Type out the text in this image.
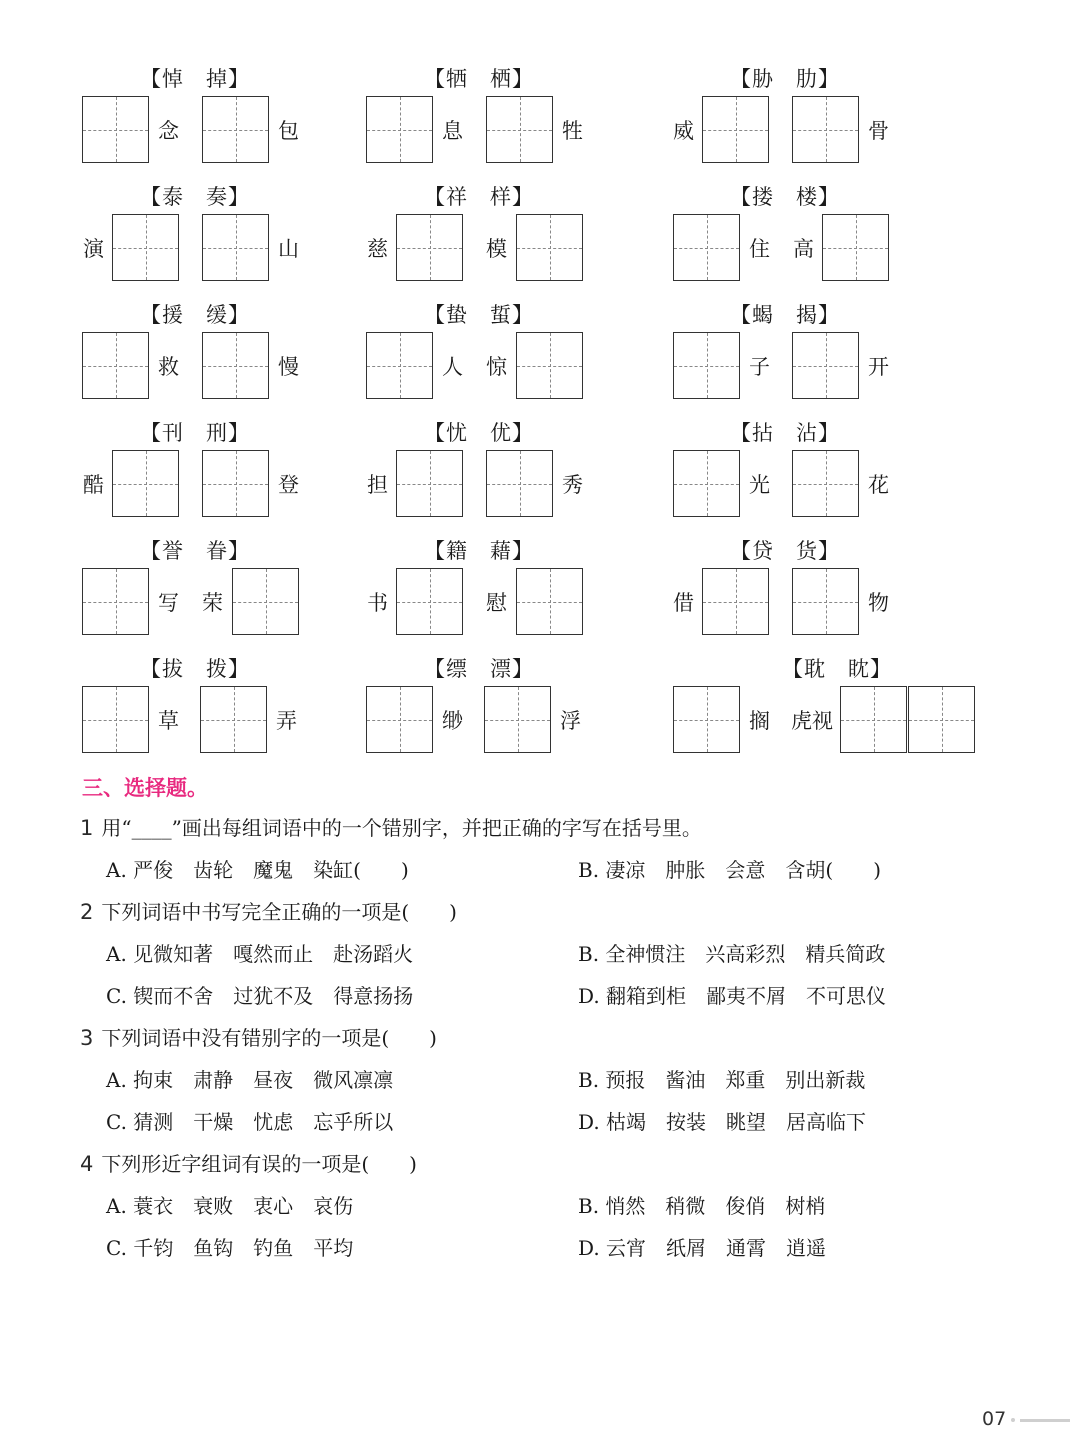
【悼　掉】
念	包
【牺　栖】
息	牲
【胁　肋】
威	骨
【泰　奏】
演	山
【祥　样】
慈	模
【搂　楼】
住 高
【援　缓】
救	慢
【蛰　蜇】
人 惊
【蝎　揭】
子	开
【刊　刑】
酷	登
【忧　优】
担	秀
【拈　沾】
光	花
【誉　眷】
写 荣
【籍　藉】
书	慰
【贷　货】
借	物
【拔　拨】
草	弄
【缥　漂】
缈	浮
【耽　眈】
搁 虎视
三、选择题。
1 用“____”画出每组词语中的一个错别字，并把正确的字写在括号里。
A. 严俊　齿轮　魔鬼　染缸(　　)	B. 凄凉　肿胀　会意　含胡(　　)
2 下列词语中书写完全正确的一项是(　　)
A. 见微知著　嘎然而止　赴汤蹈火	B. 全神惯注　兴高彩烈　精兵简政
C. 锲而不舍　过犹不及　得意扬扬	D. 翻箱到柜　鄙夷不屑　不可思仪
3 下列词语中没有错别字的一项是(　　)
A. 拘束　肃静　昼夜　微风凛凛	B. 预报　酱油　郑重　别出新裁
C. 猜测　干燥　忧虑　忘乎所以	D. 枯竭　按装　眺望　居高临下
4 下列形近字组词有误的一项是(　　)
A. 蓑衣　衰败　衷心　哀伤	B. 悄然　稍微　俊俏　树梢
C. 千钧　鱼钩　钓鱼　平均	D. 云宵　纸屑　通霄　逍遥
07
